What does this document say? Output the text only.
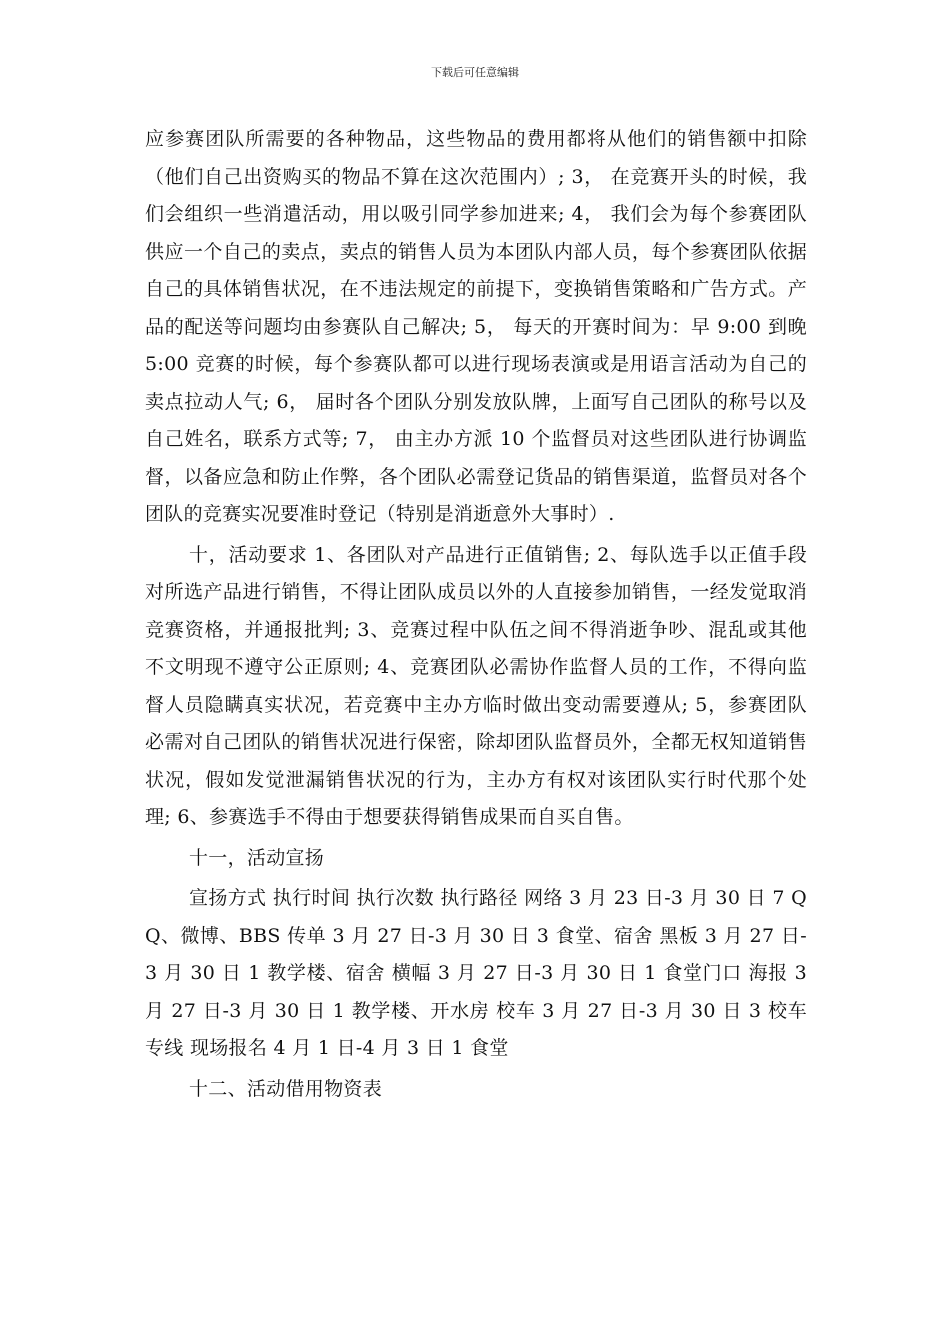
下载后可任意编辑

应参赛团队所需要的各种物品，这些物品的费用都将从他们的销售额中扣除（他们自己出资购买的物品不算在这次范围内）; 3， 在竞赛开头的时候，我们会组织一些消遣活动，用以吸引同学参加进来; 4， 我们会为每个参赛团队供应一个自己的卖点，卖点的销售人员为本团队内部人员，每个参赛团队依据自己的具体销售状况，在不违法规定的前提下，变换销售策略和广告方式。产品的配送等问题均由参赛队自己解决; 5， 每天的开赛时间为：早 9:00 到晚 5:00 竞赛的时候，每个参赛队都可以进行现场表演或是用语言活动为自己的卖点拉动人气; 6， 届时各个团队分别发放队牌，上面写自己团队的称号以及自己姓名，联系方式等; 7， 由主办方派 10 个监督员对这些团队进行协调监督，以备应急和防止作弊，各个团队必需登记货品的销售渠道，监督员对各个团队的竞赛实况要准时登记（特别是消逝意外大事时）.

十，活动要求 1、各团队对产品进行正值销售; 2、每队选手以正值手段对所选产品进行销售，不得让团队成员以外的人直接参加销售，一经发觉取消竞赛资格，并通报批判; 3、竞赛过程中队伍之间不得消逝争吵、混乱或其他不文明现不遵守公正原则; 4、竞赛团队必需协作监督人员的工作，不得向监督人员隐瞒真实状况，若竞赛中主办方临时做出变动需要遵从; 5，参赛团队必需对自己团队的销售状况进行保密，除却团队监督员外，全都无权知道销售状况，假如发觉泄漏销售状况的行为，主办方有权对该团队实行时代那个处理; 6、参赛选手不得由于想要获得销售成果而自买自售。

十一，活动宣扬

宣扬方式 执行时间 执行次数 执行路径 网络 3 月 23 日-3 月 30 日 7 QQ、微博、BBS 传单 3 月 27 日-3 月 30 日 3 食堂、宿舍 黑板 3 月 27 日-3 月 30 日 1 教学楼、宿舍 横幅 3 月 27 日-3 月 30 日 1 食堂门口 海报 3 月 27 日-3 月 30 日 1 教学楼、开水房 校车 3 月 27 日-3 月 30 日 3 校车专线 现场报名 4 月 1 日-4 月 3 日 1 食堂

十二、活动借用物资表
